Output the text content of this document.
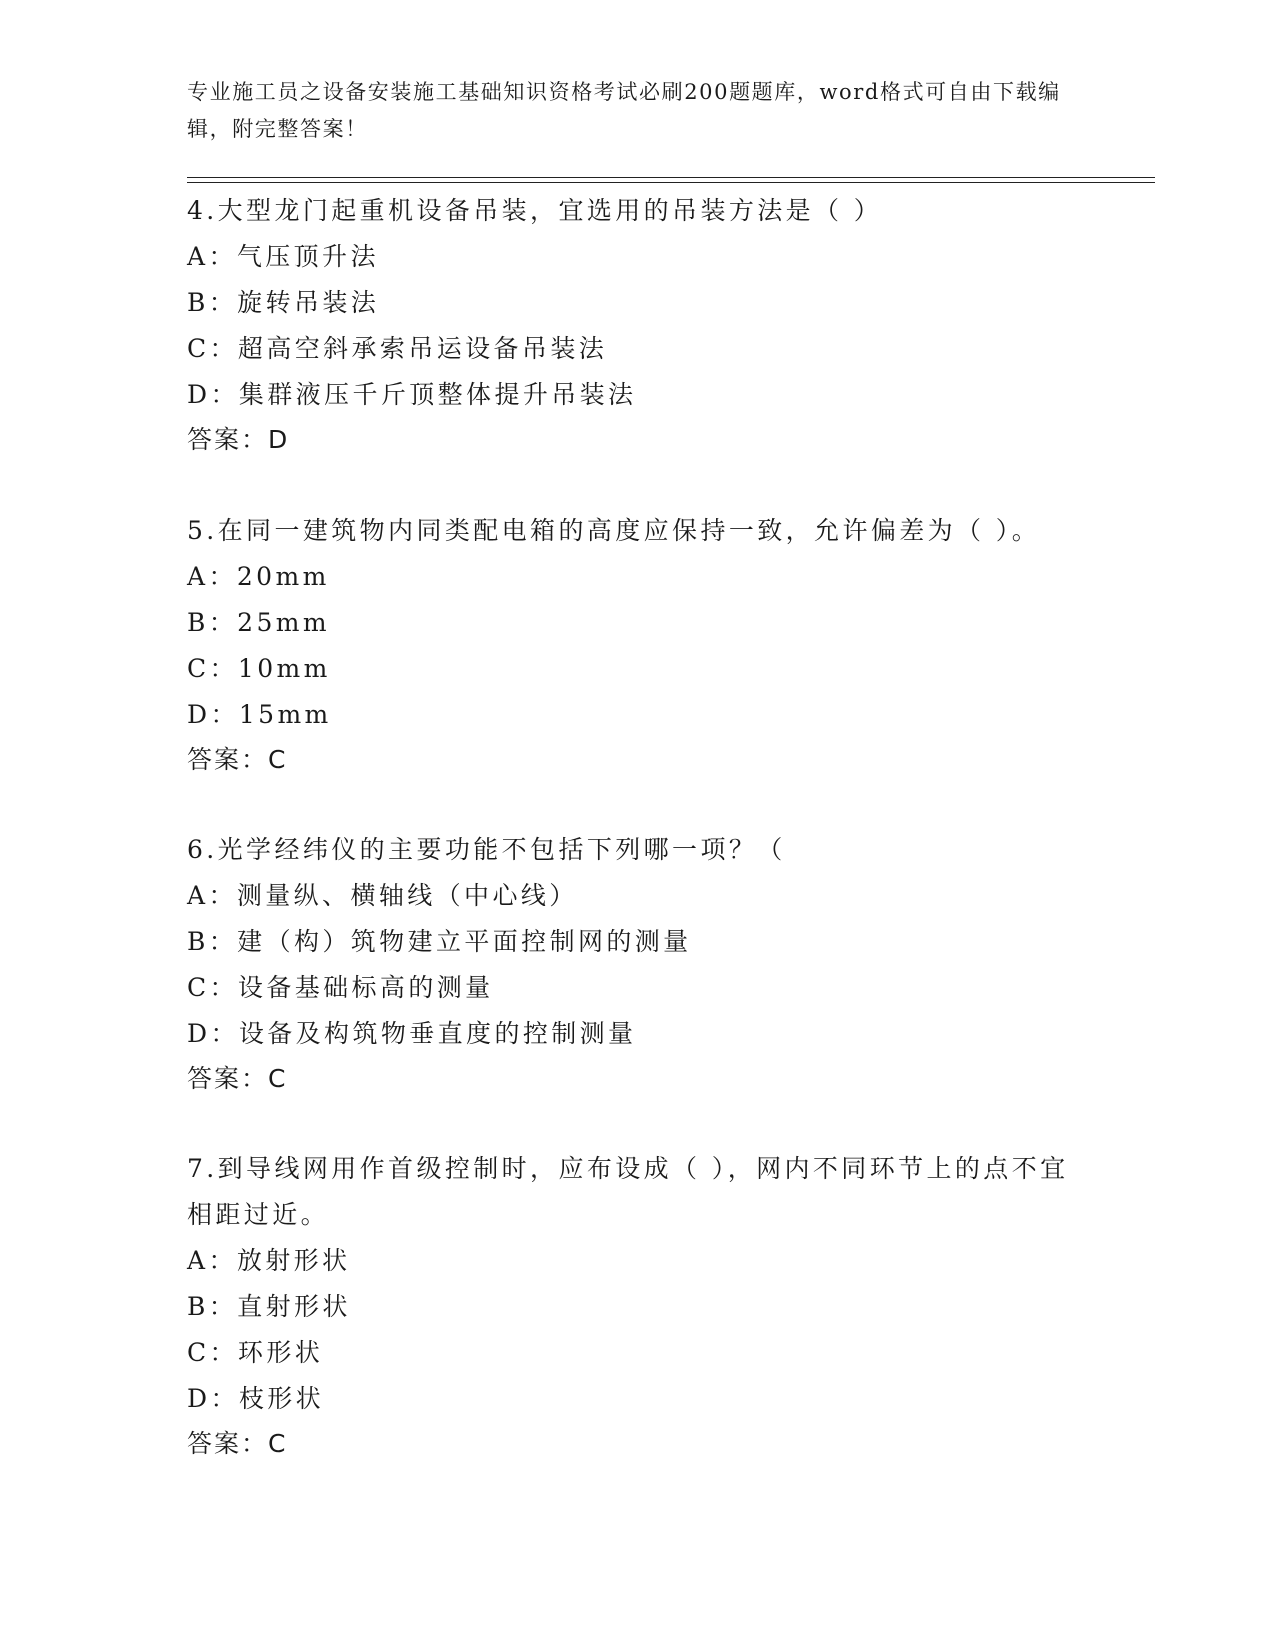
专业施工员之设备安装施工基础知识资格考试必刷200题题库，word格式可自由下载编辑，附完整答案！

4.大型龙门起重机设备吊装，宜选用的吊装方法是（ ）

A：气压顶升法

B：旋转吊装法

C：超高空斜承索吊运设备吊装法

D：集群液压千斤顶整体提升吊装法

答案：D

5.在同一建筑物内同类配电箱的高度应保持一致，允许偏差为（ ）。

A：20mm

B：25mm

C：10mm

D：15mm

答案：C

6.光学经纬仪的主要功能不包括下列哪一项？（

A：测量纵、横轴线（中心线）

B：建（构）筑物建立平面控制网的测量

C：设备基础标高的测量

D：设备及构筑物垂直度的控制测量

答案：C

7.到导线网用作首级控制时，应布设成（ ），网内不同环节上的点不宜相距过近。

A：放射形状

B：直射形状

C：环形状

D：枝形状

答案：C
